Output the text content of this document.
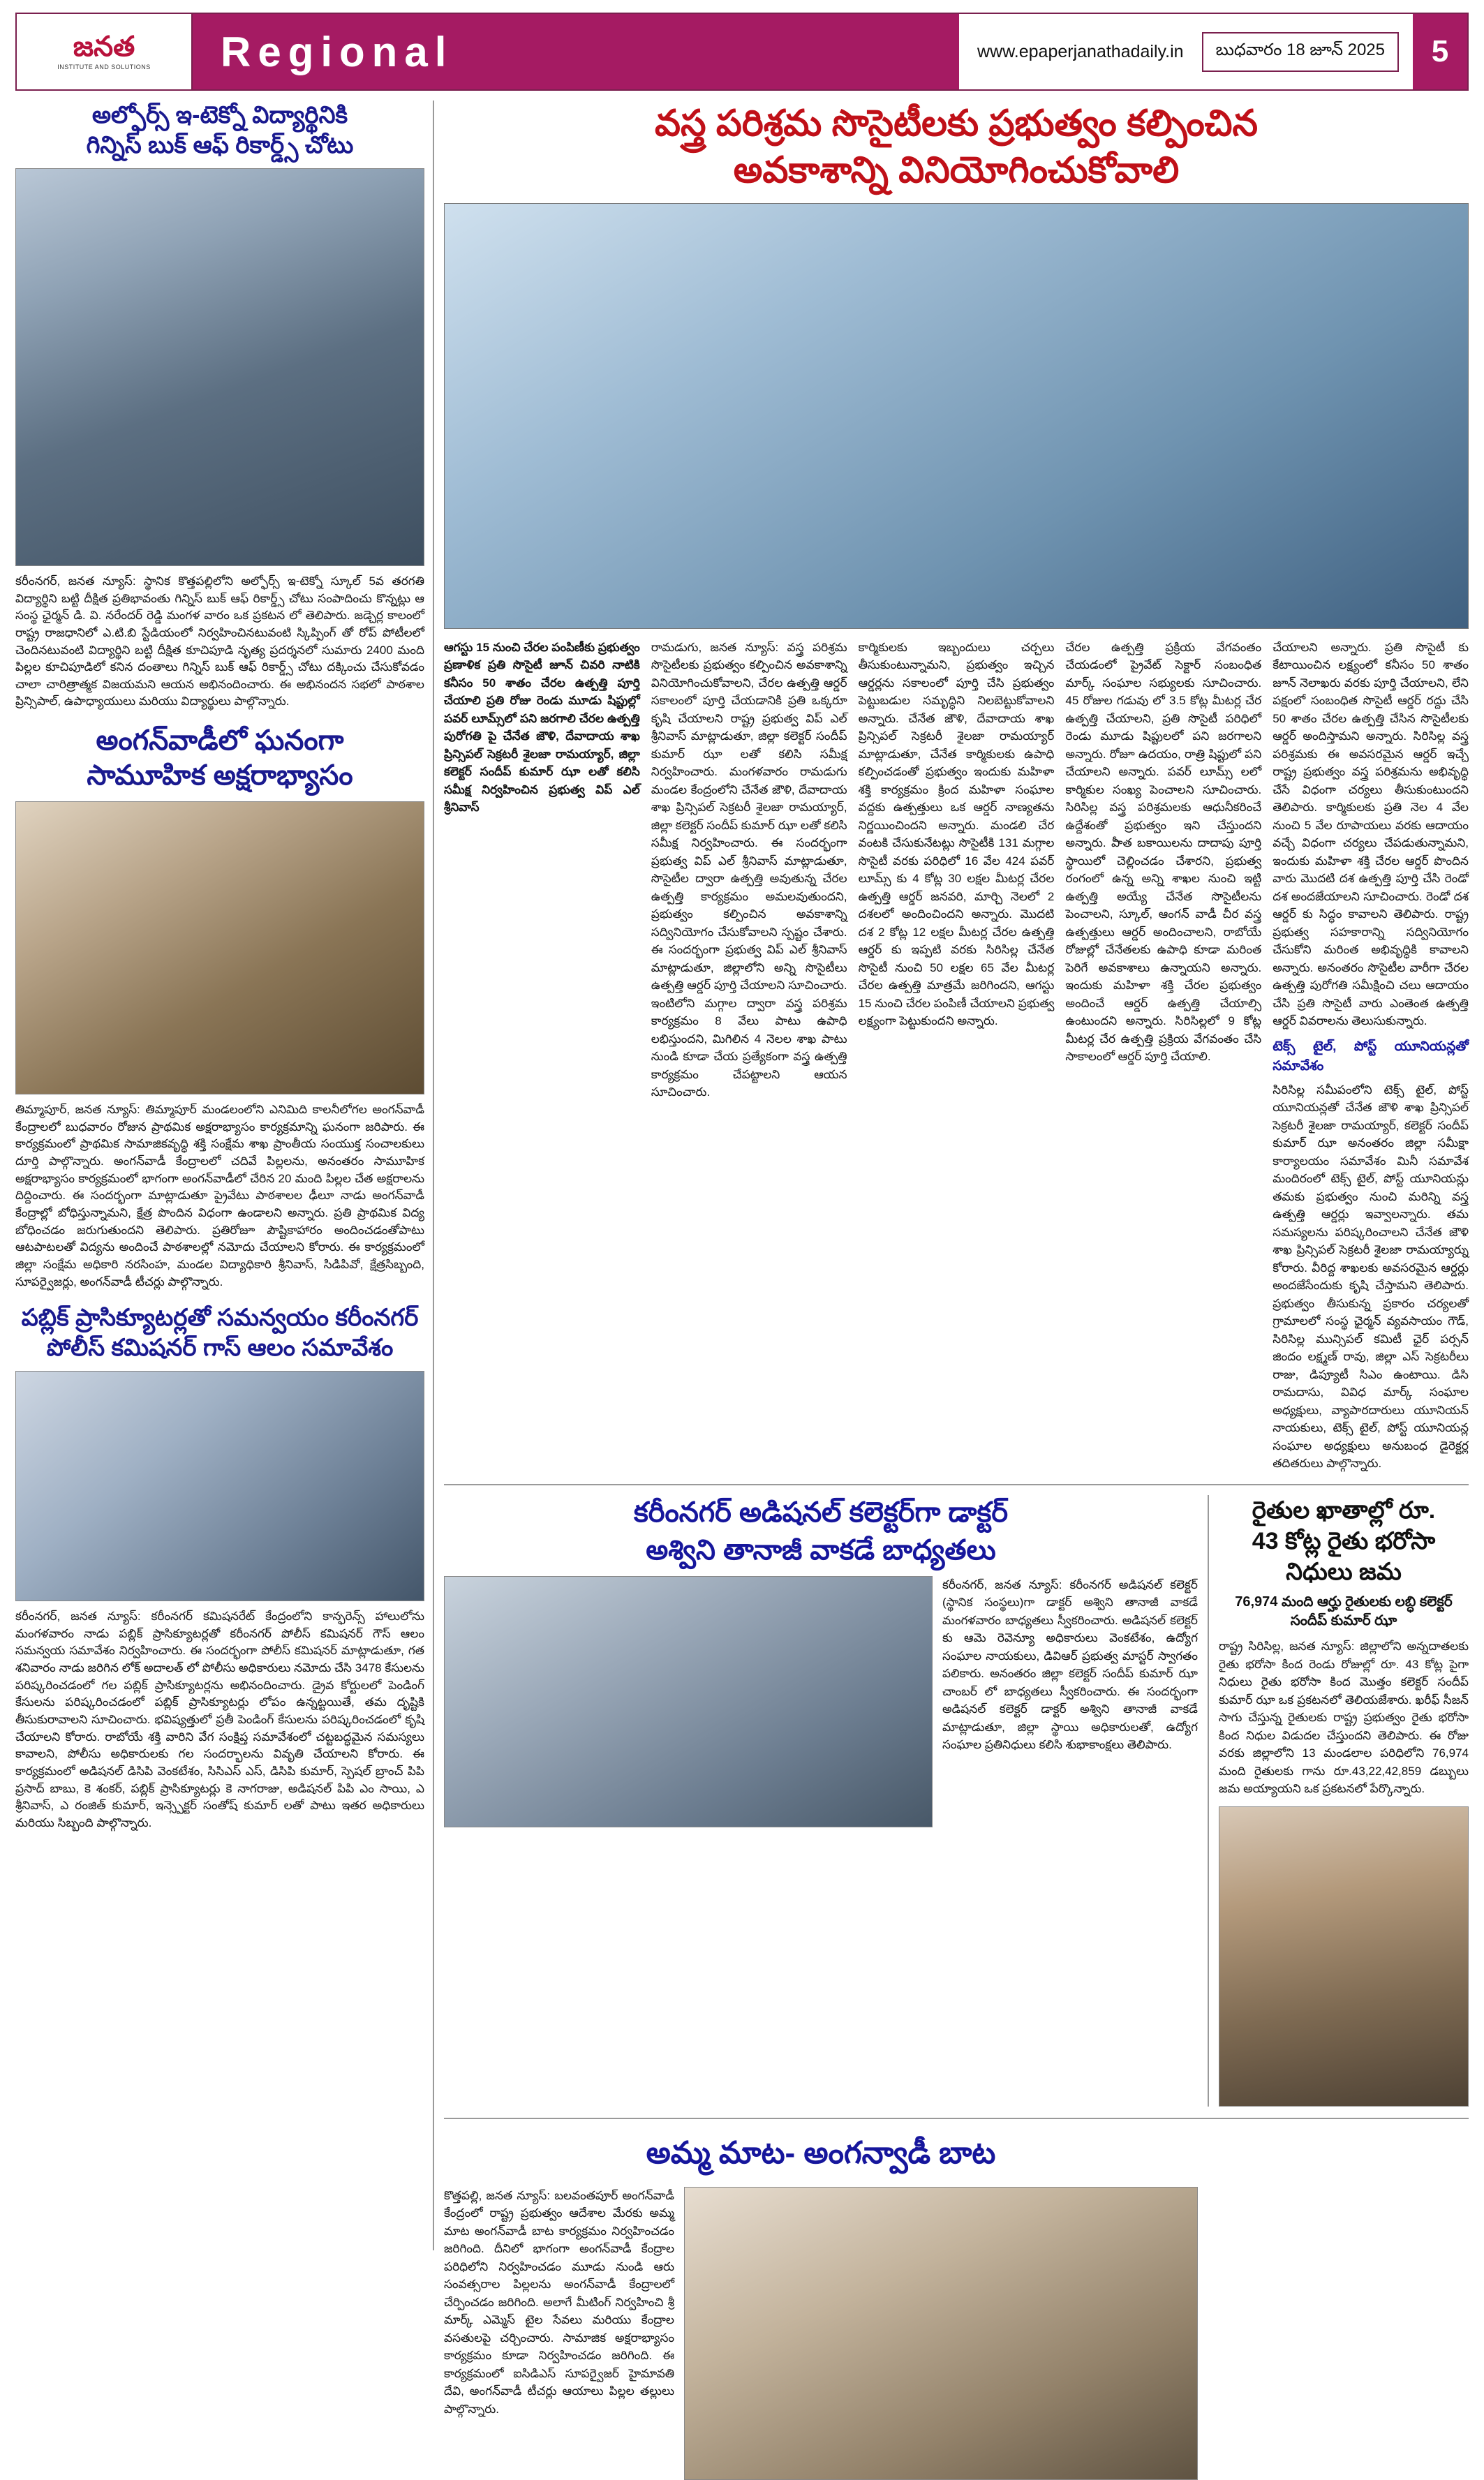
జనత
INSTITUTE AND SOLUTIONS Regional	www.epaperjanathadaily.in	బుధవారం 18 జూన్ 2025	5
అల్ఫోర్స్ ఇ-టెక్నో విద్యార్థినికి
గిన్నిస్ బుక్ ఆఫ్ రికార్డ్స్ చోటు
కరీంనగర్, జనత న్యూస్: స్థానిక కొత్తపల్లిలోని అల్ఫోర్స్ ఇ-టెక్నో స్కూల్ 5వ తరగతి విద్యార్థిని బట్టి దీక్షిత ప్రతిభావంతు గిన్నిస్ బుక్ ఆఫ్ రికార్డ్స్ చోటు సంపాదించు కొన్నట్లు ఆ సంస్థ ఛైర్మన్ డి. వి. నరేందర్ రెడ్డి మంగళ వారం ఒక ప్రకటన లో తెలిపారు. జడ్చెర్ల కాలంలో రాష్ట్ర రాజధానిలో ఎ.టి.బి స్టేడియంలో నిర్వహించినటువంటి స్కిప్పింగ్ తో రోప్ పోటీలలో చెందినటువంటి విద్యార్థిని బట్టి దీక్షిత కూచిపూడి నృత్య ప్రదర్శనలో సుమారు 2400 మంది పిల్లల కూచిపూడిలో కనిన దంతాలు గిన్నిస్ బుక్ ఆఫ్ రికార్డ్స్ చోటు దక్కించు చేసుకోవడం చాలా చారిత్రాత్మక విజయమని ఆయన అభినందించారు. ఈ అభినందన సభలో పాఠశాల ప్రిన్సిపాల్, ఉపాధ్యాయులు మరియు విద్యార్థులు పాల్గొన్నారు.
అంగన్‌వాడీలో ఘనంగా
సామూహిక అక్షరాభ్యాసం
తిమ్మాపూర్, జనత న్యూస్: తిమ్మాపూర్ మండలంలోని ఎనిమిది కాలనీలోగల అంగన్‌వాడీ కేంద్రాలలో బుధవారం రోజున ప్రాథమిక అక్షరాభ్యాసం కార్యక్రమాన్ని ఘనంగా జరిపారు. ఈ కార్యక్రమంలో ప్రాథమిక సామాజికవృద్ధి శక్తి సంక్షేమ శాఖ ప్రాంతీయ సంయుక్త సంచాలకులు దూర్తి పాల్గొన్నారు. అంగన్‌వాడీ కేంద్రాలలో చదివే పిల్లలను, అనంతరం సామూహిక అక్షరాభ్యాసం కార్యక్రమంలో భాగంగా అంగన్‌వాడీలో చేరిన 20 మంది పిల్లల చేత అక్షరాలను దిద్దించారు. ఈ సందర్భంగా మాట్లాడుతూ ప్రైవేటు పాఠశాలల ఢీలూ నాడు అంగన్‌వాడీ కేంద్రాల్లో బోధిస్తున్నామని, క్షేత్ర పొందిన విధంగా ఉండాలని అన్నారు. ప్రతి ప్రాథమిక విద్య బోధించడం జరుగుతుందని తెలిపారు. ప్రతిరోజూ పౌష్టికాహారం అందించడంతోపాటు ఆటపాటలతో విద్యను అందించే పాఠశాలల్లో నమోదు చేయాలని కోరారు. ఈ కార్యక్రమంలో జిల్లా సంక్షేమ అధికారి నరసింహ, మండల విద్యాధికారి శ్రీనివాస్, సిడిపివో, క్షేత్రసిబ్బంది, సూపర్వైజర్లు, అంగన్‌వాడీ టీచర్లు పాల్గొన్నారు.
పబ్లిక్ ప్రాసిక్యూటర్లతో సమన్వయం కరీంనగర్
పోలీస్ కమిషనర్ గాస్ ఆలం సమావేశం
కరీంనగర్, జనత న్యూస్: కరీంనగర్ కమిషనరేట్ కేంద్రంలోని కాన్ఫరెన్స్ హాలులోను మంగళవారం నాడు పబ్లిక్ ప్రాసిక్యూటర్లతో కరీంనగర్ పోలీస్ కమిషనర్ గౌస్ ఆలం సమన్వయ సమావేశం నిర్వహించారు. ఈ సందర్భంగా పోలీస్ కమిషనర్ మాట్లాడుతూ, గత శనివారం నాడు జరిగిన లోక్ అదాలత్ లో పోలీసు అధికారులు నమోదు చేసి 3478 కేసులను పరిష్కరించడంలో గల పబ్లిక్ ప్రాసిక్యూటర్లను అభినందించారు. డ్రైవ కోర్టులలో పెండింగ్ కేసులను పరిష్కరించడంలో పబ్లిక్ ప్రాసిక్యూటర్లు లోపం ఉన్నట్టయితే, తమ దృష్టికి తీసుకురావాలని సూచించారు. భవిష్యత్తులో ప్రతీ పెండింగ్ కేసులను పరిష్కరించడంలో కృషి చేయాలని కోరారు. రాబోయే శక్తి వారిని వేగ సంక్షిప్త సమావేశంలో చట్టబద్ధమైన సమస్యలు కావాలని, పోలీసు అధికారులకు గల సందర్భాలను వివృతి చేయాలని కోరారు. ఈ కార్యక్రమంలో అడిషనల్ డిసిపి వెంకటేశం, సిసిఎస్ ఎస్, డిసిపి కుమార్, స్పెషల్ బ్రాంచ్ పిపి ప్రసాద్ బాబు, కె శంకర్, పబ్లిక్ ప్రాసిక్యూటర్లు కె నాగరాజు, అడిషనల్ పిపి ఎం సాయి, ఎ శ్రీనివాస్, ఎ రంజిత్ కుమార్, ఇన్స్పెక్టర్ సంతోష్ కుమార్ లతో పాటు ఇతర అధికారులు మరియు సిబ్బంది పాల్గొన్నారు.
వస్త్ర పరిశ్రమ సొసైటీలకు ప్రభుత్వం కల్పించిన
అవకాశాన్ని వినియోగించుకోవాలి
ఆగస్టు 15 నుంచి చేరల పంపిణీకు ప్రభుత్వం ప్రణాళిక ప్రతి సొసైటీ జూన్ చివరి నాటికి కనీసం 50 శాతం చేరల ఉత్పత్తి పూర్తి చేయాలి ప్రతి రోజు రెండు మూడు షిప్టుల్లో పవర్ లూమ్స్‌లో పని జరగాలి చేరల ఉత్పత్తి పురోగతి పై చేనేత జౌళి, దేవాదాయ శాఖ ప్రిన్సిపల్ సెక్రటరీ శైలజా రామయ్యార్, జిల్లా కలెక్టర్ సందీప్ కుమార్ ఝా లతో కలిసి సమీక్ష నిర్వహించిన ప్రభుత్వ విప్ ఎల్ శ్రీనివాస్
రామడుగు, జనత న్యూస్: వస్త్ర పరిశ్రమ సొసైటీలకు ప్రభుత్వం కల్పించిన అవకాశాన్ని వినియోగించుకోవాలని, చేరల ఉత్పత్తి ఆర్డర్ సకాలంలో పూర్తి చేయడానికి ప్రతి ఒక్కరూ కృషి చేయాలని రాష్ట్ర ప్రభుత్వ విప్ ఎల్ శ్రీనివాస్ మాట్లాడుతూ, జిల్లా కలెక్టర్ సందీప్ కుమార్ ఝా లతో కలిసి సమీక్ష నిర్వహించారు. మంగళవారం రామడుగు మండల కేంద్రంలోని చేనేత జౌళి, దేవాదాయ శాఖ ప్రిన్సిపల్ సెక్రటరీ శైలజా రామయ్యార్, జిల్లా కలెక్టర్ సందీప్ కుమార్ ఝా లతో కలిసి సమీక్ష నిర్వహించారు. ఈ సందర్భంగా ప్రభుత్వ విప్ ఎల్ శ్రీనివాస్ మాట్లాడుతూ, సొసైటీల ద్వారా ఉత్పత్తి అవుతున్న చేరల ఉత్పత్తి కార్యక్రమం అమలవుతుందని, ప్రభుత్వం కల్పించిన అవకాశాన్ని సద్వినియోగం చేసుకోవాలని స్పష్టం చేశారు. ఈ సందర్భంగా ప్రభుత్వ విప్ ఎల్ శ్రీనివాస్ మాట్లాడుతూ, జిల్లాలోని అన్ని సొసైటీలు ఉత్పత్తి ఆర్డర్ పూర్తి చేయాలని సూచించారు. ఇంటిలోని మగ్గాల ద్వారా వస్త్ర పరిశ్రమ కార్యక్రమం 8 వేలు పాటు ఉపాధి లభిస్తుందని, మిగిలిన 4 నెలల శాఖ పాటు నుండి కూడా చేయ ప్రత్యేకంగా వస్త్ర ఉత్పత్తి కార్యక్రమం చేపట్టాలని ఆయన సూచించారు.
కార్మికులకు ఇబ్బందులు చర్చలు తీసుకుంటున్నామని, ప్రభుత్వం ఇచ్చిన ఆర్డర్లను సకాలంలో పూర్తి చేసి ప్రభుత్వం పెట్టుబడుల సమృద్ధిని నిలబెట్టుకోవాలని అన్నారు. చేనేత జౌళి, దేవాదాయ శాఖ ప్రిన్సిపల్ సెక్రటరీ శైలజా రామయ్యార్ మాట్లాడుతూ, చేనేత కార్మికులకు ఉపాధి కల్పించడంతో ప్రభుత్వం ఇందుకు మహిళా శక్తి కార్యక్రమం క్రింద మహిళా సంఘాల వద్దకు ఉత్పత్తులు ఒక ఆర్డర్ నాణ్యతను నిర్ణయించిందని అన్నారు. మండలి చేర వంటకి చేసుకునేటట్లు సొసైటీకి 131 మగ్గాల సొసైటీ వరకు పరిధిలో 16 వేల 424 పవర్ లూమ్స్ కు 4 కోట్ల 30 లక్షల మీటర్ల చేరల ఉత్పత్తి ఆర్డర్ జనవరి, మార్చి నెలలో 2 దశలలో అందించిందని అన్నారు. మొదటి దశ 2 కోట్ల 12 లక్షల మీటర్ల చేరల ఉత్పత్తి ఆర్డర్ కు ఇప్పటి వరకు సిరిసిల్ల చేనేత సొసైటీ నుంచి 50 లక్షల 65 వేల మీటర్ల చేరల ఉత్పత్తి మాత్రమే జరిగిందని, ఆగస్టు 15 నుంచి చేరల పంపిణీ చేయాలని ప్రభుత్వ లక్ష్యంగా పెట్టుకుందని అన్నారు.
చేరల ఉత్పత్తి ప్రక్రియ వేగవంతం చేయడంలో ప్రైవేట్ సెక్టార్ సంబంధిత మార్క్ సంఘాల సభ్యులకు సూచించారు. 45 రోజుల గడువు లో 3.5 కోట్ల మీటర్ల చేర ఉత్పత్తి చేయాలని, ప్రతి సొసైటీ పరిధిలో రెండు మూడు షిప్టులలో పని జరగాలని అన్నారు. రోజూ ఉదయం, రాత్రి షిప్టులో పని చేయాలని అన్నారు. పవర్ లూమ్స్ లలో కార్మికుల సంఖ్య పెంచాలని సూచించారు. సిరిసిల్ల వస్త్ర పరిశ్రమలకు ఆధునీకరించే ఉద్దేశంతో ప్రభుత్వం ఇని చేస్తుందని అన్నారు. వీాత బకాయిలను దాదాపు పూర్తి స్థాయిలో చెల్లించడం చేశారని, ప్రభుత్వ రంగంలో ఉన్న అన్ని శాఖల నుంచి ఇట్టి ఉత్పత్తి అయ్యే చేనేత సొసైటీలను పెంచాలని, స్కూల్, ఆంగన్ వాడీ చీర వస్త్ర ఉత్పత్తులు ఆర్డర్ అందించాలని, రాబోయే రోజుల్లో చేనేతలకు ఉపాధి కూడా మరింత పెరిగే అవకాశాలు ఉన్నాయని అన్నారు. ఇందుకు మహిళా శక్తి చేరల ప్రభుత్వం అందించే ఆర్డర్ ఉత్పత్తి చేయాల్సి ఉంటుందని అన్నారు. సిరిసిల్లలో 9 కోట్ల మీటర్ల చేర ఉత్పత్తి ప్రక్రియ వేగవంతం చేసి సాకాలంలో ఆర్డర్ పూర్తి చేయాలి.
చేయాలని అన్నారు. ప్రతి సొసైటీ కు కేటాయించిన లక్ష్యంలో కనీసం 50 శాతం జూన్ నెలాఖరు వరకు పూర్తి చేయాలని, లేని పక్షంలో సంబంధిత సొసైటీ ఆర్డర్ రద్దు చేసి 50 శాతం చేరల ఉత్పత్తి చేసిన సొసైటీలకు ఆర్డర్ అందిస్తామని అన్నారు. సిరిసిల్ల వస్త్ర పరిశ్రమకు ఈ అవసరమైన ఆర్డర్ ఇచ్చే రాష్ట్ర ప్రభుత్వం వస్త్ర పరిశ్రమను అభివృద్ధి చేసే విధంగా చర్యలు తీసుకుంటుందని తెలిపారు. కార్మికులకు ప్రతి నెల 4 వేల నుంచి 5 వేల రూపాయలు వరకు ఆదాయం వచ్చే విధంగా చర్యలు చేపడుతున్నామని, ఇందుకు మహిళా శక్తి చేరల ఆర్డర్ పొందిన వారు మొదటి దశ ఉత్పత్తి పూర్తి చేసి రెండో దశ అందజేయాలని సూచించారు. రెండో దశ ఆర్డర్ కు సిద్ధం కావాలని తెలిపారు. రాష్ట్ర ప్రభుత్వ సహకారాన్ని సద్వినియోగం చేసుకోని మరింత అభివృద్ధికి కావాలని అన్నారు. అనంతరం సొసైటీల వారీగా చేరల ఉత్పత్తి పురోగతి సమీక్షించి చలు ఆదాయం చేసి ప్రతి సొసైటీ వారు ఎంతెంత ఉత్పత్తి ఆర్డర్ వివరాలను తెలుసుకున్నారు.
టెక్స్ టైల్, పోస్ట్ యూనియన్లతో సమావేశం
సిరిసిల్ల సమీపంలోని టెక్స్ టైల్, పోస్ట్ యూనియన్లతో చేనేత జౌళి శాఖ ప్రిన్సిపల్ సెక్రటరీ శైలజా రామయ్యార్, కలెక్టర్ సందీప్ కుమార్ ఝా అనంతరం జిల్లా సమీక్షా కార్యాలయం సమావేశం మినీ సమావేశ మందిరంలో టెక్స్ టైల్, పోస్ట్ యూనియన్లు తమకు ప్రభుత్వం నుంచి మరిన్ని వస్త్ర ఉత్పత్తి ఆర్డర్లు ఇవ్వాలన్నారు. తమ సమస్యలను పరిష్కరించాలని చేనేత జౌళి శాఖ ప్రిన్సిపల్ సెక్రటరీ శైలజా రామయ్యార్ను కోరారు. వీరిద్ద శాఖలకు అవసరమైన ఆర్డర్లు అందజేసేందుకు కృషి చేస్తామని తెలిపారు. ప్రభుత్వం తీసుకున్న ప్రకారం చర్యలతో గ్రామాలలో సంస్థ ఛైర్మన్ వ్యవసాయం గౌడ్, సిరిసిల్ల మున్సిపల్ కమిటీ ఛైర్ పర్సన్ జిందం లక్ష్మణ్ రావు, జిల్లా ఎస్ సెక్రటరీలు రాజు, డిప్యూటీ సిఎం ఉంటాయి. డిసి రామదాసు, వివిధ మార్క్ సంఘాల అధ్యక్షులు, వ్యాపారదారులు యూనియన్ నాయకులు, టెక్స్ టైల్, పోస్ట్ యూనియన్ల సంఘాల అధ్యక్షులు అనుబంధ డైరెక్టర్ల తదితరులు పాల్గొన్నారు.
కరీంనగర్ అడిషనల్ కలెక్టర్‌గా డాక్టర్
అశ్విని తానాజీ వాకడే బాధ్యతలు
కరీంనగర్, జనత న్యూస్: కరీంనగర్ అడిషనల్ కలెక్టర్ (స్థానిక సంస్థలు)గా డాక్టర్ అశ్విని తానాజీ వాకడే మంగళవారం బాధ్యతలు స్వీకరించారు. అడిషనల్ కలెక్టర్ కు ఆమె రెవెన్యూ అధికారులు వెంకటేశం, ఉద్యోగ సంఘాల నాయకులు, డివిఆర్ ప్రభుత్వ మాస్టర్ స్వాగతం పలికారు. అనంతరం జిల్లా కలెక్టర్ సందీప్ కుమార్ ఝా చాంబర్ లో బాధ్యతలు స్వీకరించారు. ఈ సందర్భంగా అడిషనల్ కలెక్టర్ డాక్టర్ అశ్విని తానాజీ వాకడే మాట్లాడుతూ, జిల్లా స్థాయి అధికారులతో, ఉద్యోగ సంఘాల ప్రతినిధులు కలిసి శుభాకాంక్షలు తెలిపారు.
రైతుల ఖాతాల్లో రూ.
43 కోట్ల రైతు భరోసా
నిధులు జమ
76,974 మంది ఆర్హు రైతులకు లబ్ధి కలెక్టర్ సందీప్ కుమార్ ఝా
రాష్ట్ర సిరిసిల్ల, జనత న్యూస్: జిల్లాలోని అన్నదాతలకు రైతు భరోసా కింద రెండు రోజుల్లో రూ. 43 కోట్ల పైగా నిధులు రైతు భరోసా కింద మొత్తం కలెక్టర్ సందీప్ కుమార్ ఝా ఒక ప్రకటనలో తెలియజేశారు. ఖరీఫ్ సీజన్ సాగు చేస్తున్న రైతులకు రాష్ట్ర ప్రభుత్వం రైతు భరోసా కింద నిధుల విడుదల చేస్తుందని తెలిపారు. ఈ రోజు వరకు జిల్లాలోని 13 మండలాల పరిధిలోని 76,974 మంది రైతులకు గాను రూ.43,22,42,859 డబ్బులు జమ అయ్యాయని ఒక ప్రకటనలో పేర్కొన్నారు.
అమ్మ మాట- అంగన్వాడీ బాట
కొత్తపల్లి, జనత న్యూస్: బలవంతపూర్ అంగన్‌వాడీ కేంద్రంలో రాష్ట్ర ప్రభుత్వం ఆదేశాల మేరకు అమ్మ మాట అంగన్‌వాడీ బాట కార్యక్రమం నిర్వహించడం జరిగింది. దీనిలో భాగంగా అంగన్‌వాడీ కేంద్రాల పరిధిలోని నిర్వహించడం మూడు నుండి ఆరు సంవత్సరాల పిల్లలను అంగన్‌వాడీ కేంద్రాలలో చేర్పించడం జరిగింది. అలాగే మీటింగ్ నిర్వహించి శ్రీ మార్క్ ఎమ్మెస్ టైల సేవలు మరియు కేంద్రాల వసతులపై చర్చించారు. సామాజిక అక్షరాభ్యాసం కార్యక్రమం కూడా నిర్వహించడం జరిగింది. ఈ కార్యక్రమంలో ఐసిడిఎస్ సూపర్వైజర్ హైమావతి దేవి, అంగన్‌వాడీ టీచర్లు ఆయాలు పిల్లల తల్లులు పాల్గొన్నారు.
